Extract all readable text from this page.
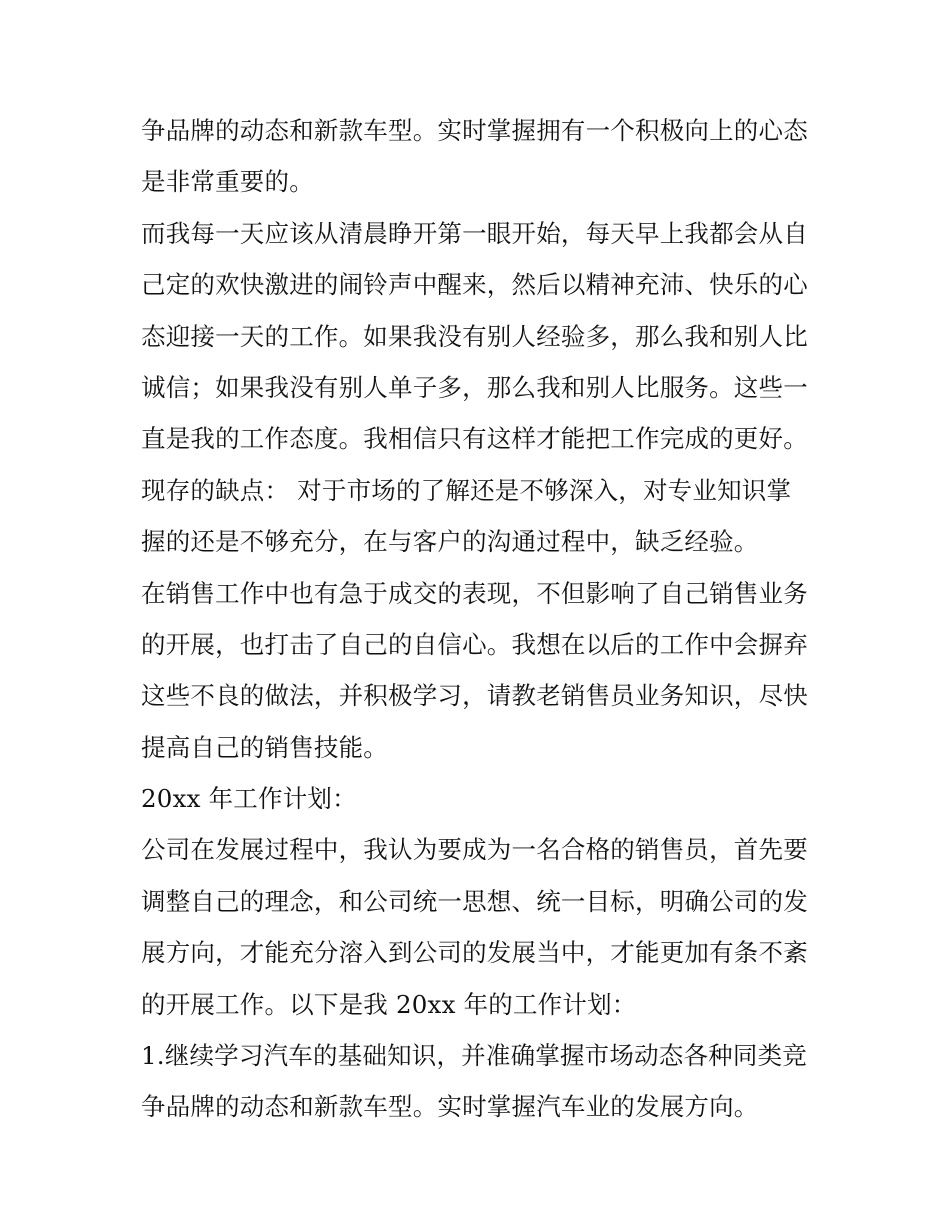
争品牌的动态和新款车型。实时掌握拥有一个积极向上的心态
是非常重要的。
而我每一天应该从清晨睁开第一眼开始，每天早上我都会从自
己定的欢快激进的闹铃声中醒来，然后以精神充沛、快乐的心
态迎接一天的工作。如果我没有别人经验多，那么我和别人比
诚信；如果我没有别人单子多，那么我和别人比服务。这些一
直是我的工作态度。我相信只有这样才能把工作完成的更好。
现存的缺点： 对于市场的了解还是不够深入，对专业知识掌
握的还是不够充分，在与客户的沟通过程中，缺乏经验。
在销售工作中也有急于成交的表现，不但影响了自己销售业务
的开展，也打击了自己的自信心。我想在以后的工作中会摒弃
这些不良的做法，并积极学习，请教老销售员业务知识，尽快
提高自己的销售技能。
20xx 年工作计划：
公司在发展过程中，我认为要成为一名合格的销售员，首先要
调整自己的理念，和公司统一思想、统一目标，明确公司的发
展方向，才能充分溶入到公司的发展当中，才能更加有条不紊
的开展工作。以下是我 20xx 年的工作计划：
1.继续学习汽车的基础知识，并准确掌握市场动态各种同类竞
争品牌的动态和新款车型。实时掌握汽车业的发展方向。
